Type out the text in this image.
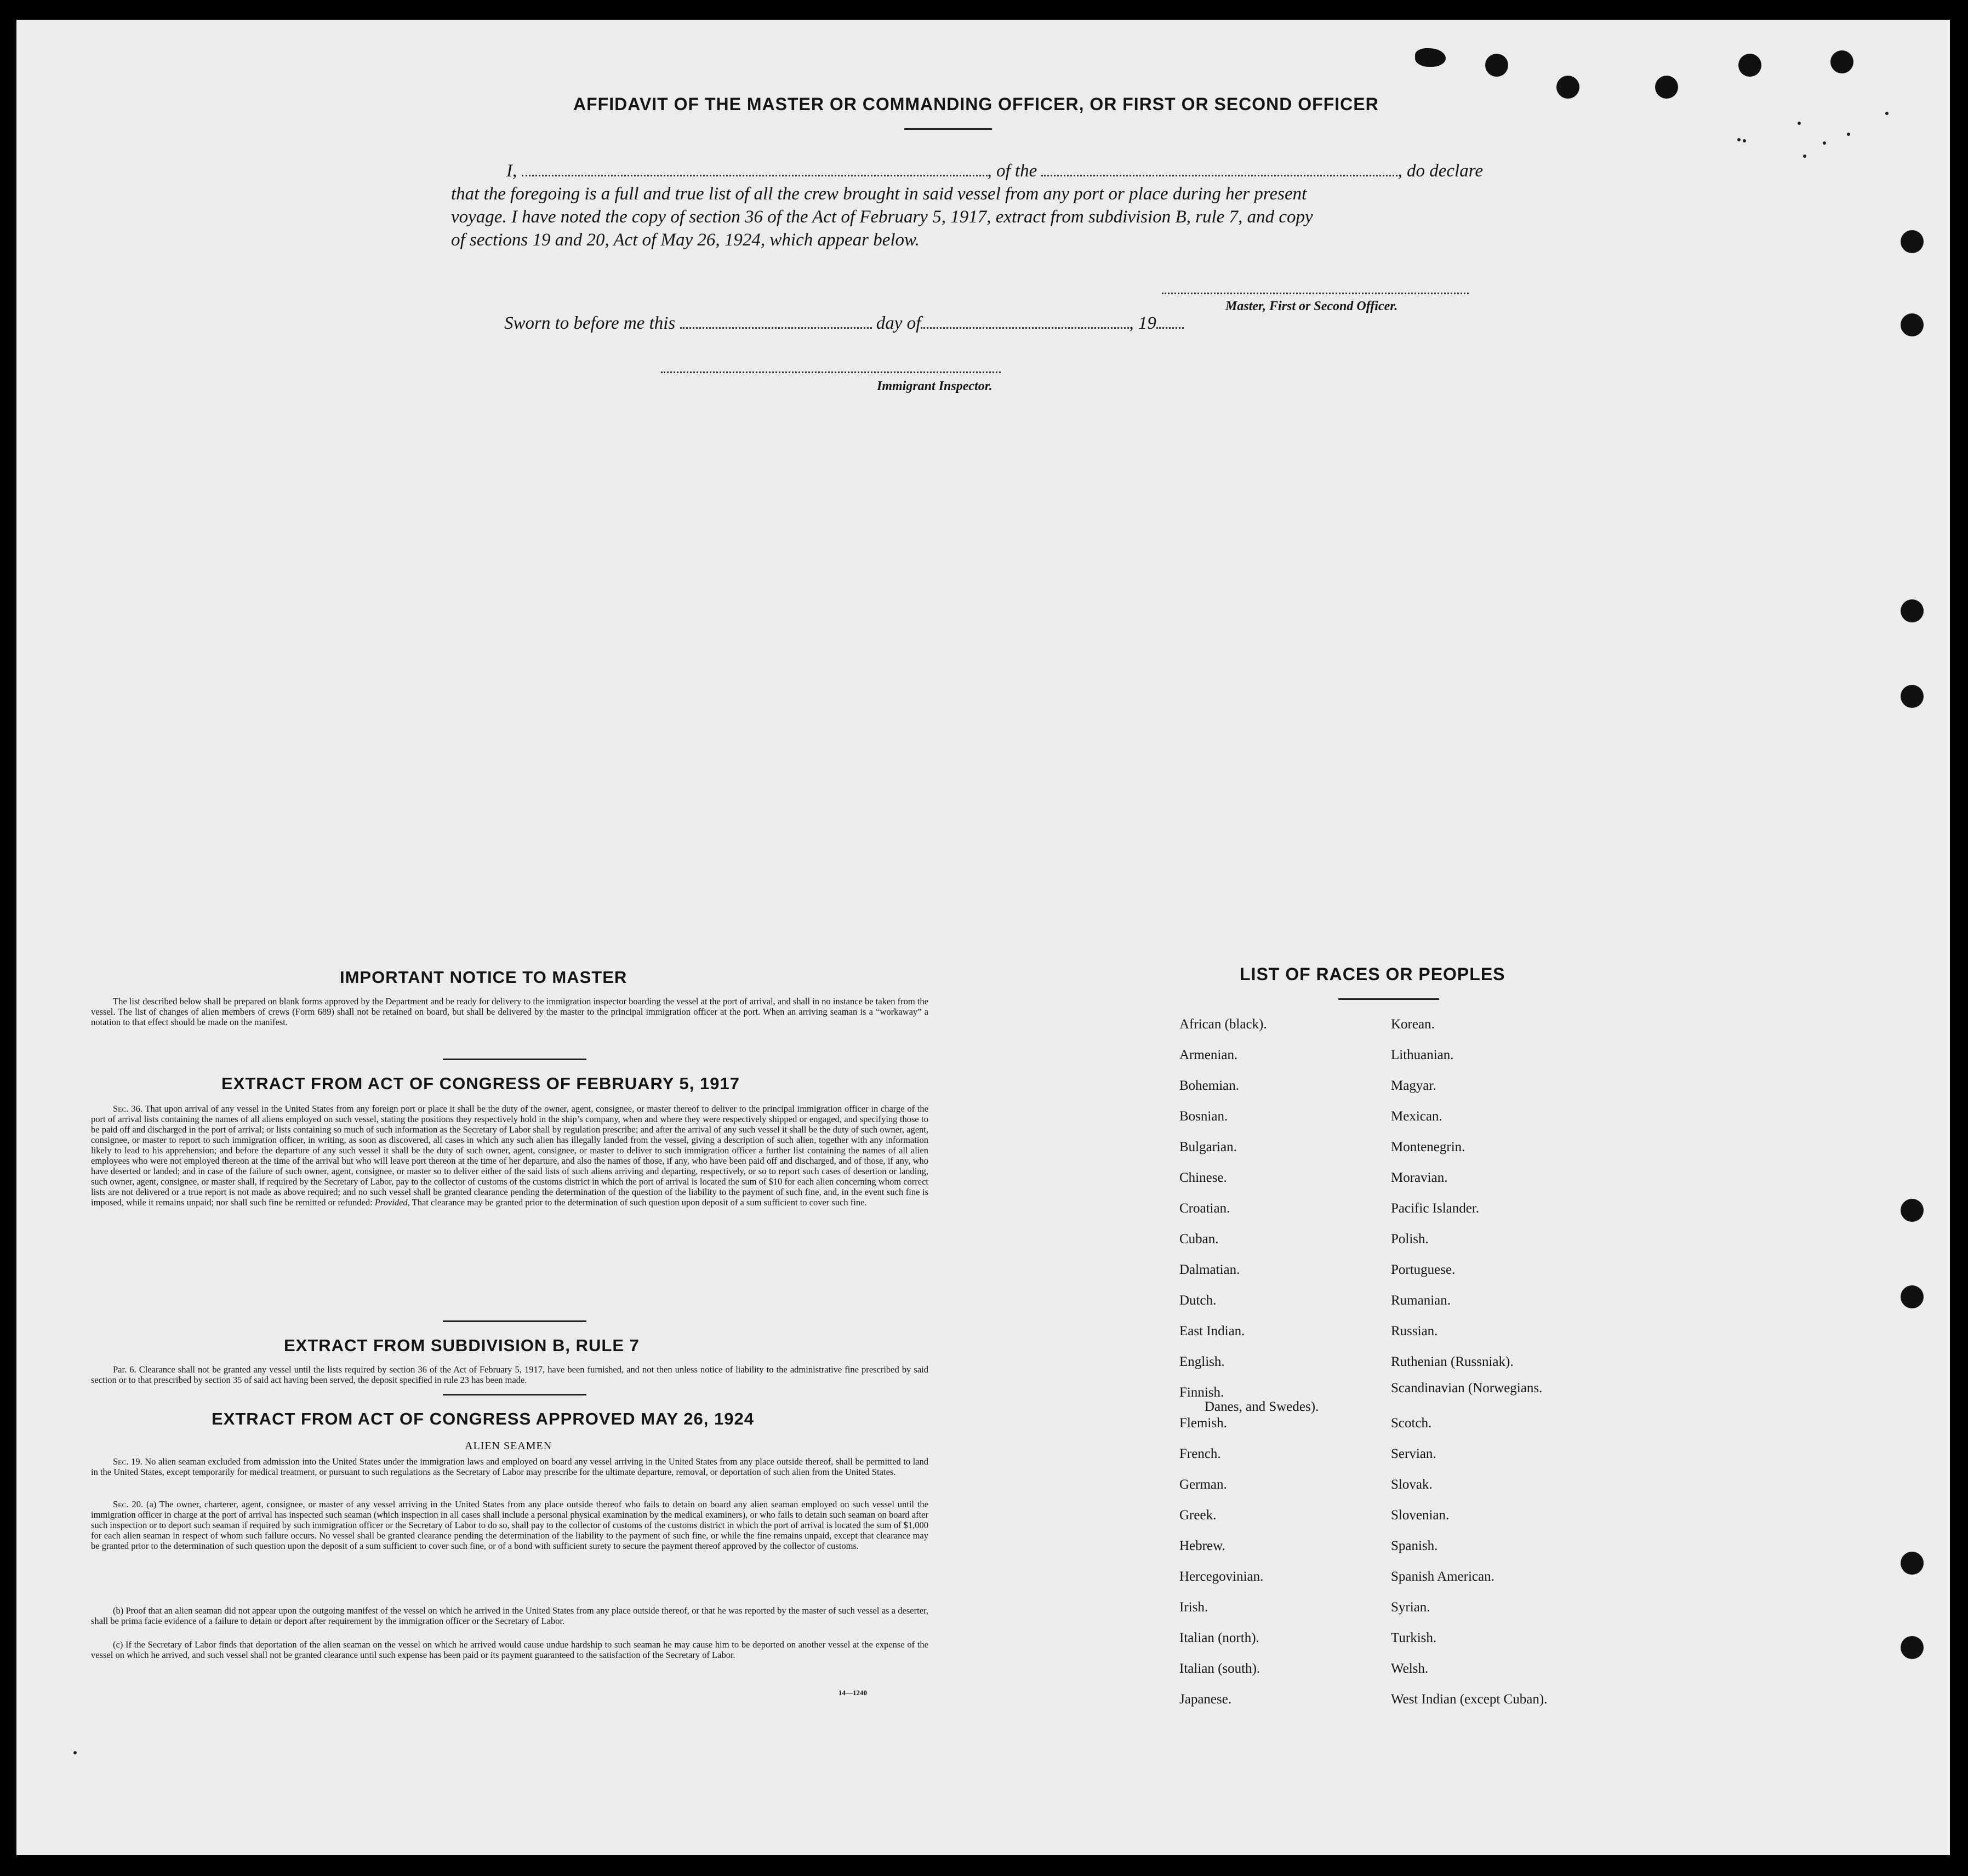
AFFIDAVIT OF THE MASTER OR COMMANDING OFFICER, OR FIRST OR SECOND OFFICER
I,	, of the	, do declare
that the foregoing is a full and true list of all the crew brought in said vessel from any port or place during her present
voyage. I have noted the copy of section 36 of the Act of February 5, 1917, extract from subdivision B, rule 7, and copy
of sections 19 and 20, Act of May 26, 1924, which appear below.
Master, First or Second Officer.
Sworn to before me this	day of	, 19
Immigrant Inspector.
IMPORTANT NOTICE TO MASTER

The list described below shall be prepared on blank forms approved by the Department and be ready for delivery to the immigration inspector boarding the vessel at the port of arrival, and shall in no instance be taken from the vessel. The list of changes of alien members of crews (Form 689) shall not be retained on board, but shall be delivered by the master to the principal immigration officer at the port. When an arriving seaman is a “workaway” a notation to that effect should be made on the manifest.

EXTRACT FROM ACT OF CONGRESS OF FEBRUARY 5, 1917

Sec. 36. That upon arrival of any vessel in the United States from any foreign port or place it shall be the duty of the owner, agent, consignee, or master thereof to deliver to the principal immigration officer in charge of the port of arrival lists containing the names of all aliens employed on such vessel, stating the positions they respectively hold in the ship’s company, when and where they were respectively shipped or engaged, and specifying those to be paid off and discharged in the port of arrival; or lists containing so much of such information as the Secretary of Labor shall by regulation prescribe; and after the arrival of any such vessel it shall be the duty of such owner, agent, consignee, or master to report to such immigration officer, in writing, as soon as discovered, all cases in which any such alien has illegally landed from the vessel, giving a description of such alien, together with any information likely to lead to his apprehension; and before the departure of any such vessel it shall be the duty of such owner, agent, consignee, or master to deliver to such immigration officer a further list containing the names of all alien employees who were not employed thereon at the time of the arrival but who will leave port thereon at the time of her departure, and also the names of those, if any, who have been paid off and discharged, and of those, if any, who have deserted or landed; and in case of the failure of such owner, agent, consignee, or master so to deliver either of the said lists of such aliens arriving and departing, respectively, or so to report such cases of desertion or landing, such owner, agent, consignee, or master shall, if required by the Secretary of Labor, pay to the collector of customs of the customs district in which the port of arrival is located the sum of $10 for each alien concerning whom correct lists are not delivered or a true report is not made as above required; and no such vessel shall be granted clearance pending the determination of the question of the liability to the payment of such fine, and, in the event such fine is imposed, while it remains unpaid; nor shall such fine be remitted or refunded: Provided, That clearance may be granted prior to the determination of such question upon deposit of a sum sufficient to cover such fine.

EXTRACT FROM SUBDIVISION B, RULE 7

Par. 6. Clearance shall not be granted any vessel until the lists required by section 36 of the Act of February 5, 1917, have been furnished, and not then unless notice of liability to the administrative fine prescribed by said section or to that prescribed by section 35 of said act having been served, the deposit specified in rule 23 has been made.

EXTRACT FROM ACT OF CONGRESS APPROVED MAY 26, 1924
ALIEN SEAMEN

Sec. 19. No alien seaman excluded from admission into the United States under the immigration laws and employed on board any vessel arriving in the United States from any place outside thereof, shall be permitted to land in the United States, except temporarily for medical treatment, or pursuant to such regulations as the Secretary of Labor may prescribe for the ultimate departure, removal, or deportation of such alien from the United States.

Sec. 20. (a) The owner, charterer, agent, consignee, or master of any vessel arriving in the United States from any place outside thereof who fails to detain on board any alien seaman employed on such vessel until the immigration officer in charge at the port of arrival has inspected such seaman (which inspection in all cases shall include a personal physical examination by the medical examiners), or who fails to detain such seaman on board after such inspection or to deport such seaman if required by such immigration officer or the Secretary of Labor to do so, shall pay to the collector of customs of the customs district in which the port of arrival is located the sum of $1,000 for each alien seaman in respect of whom such failure occurs. No vessel shall be granted clearance pending the determination of the liability to the payment of such fine, or while the fine remains unpaid, except that clearance may be granted prior to the determination of such question upon the deposit of a sum sufficient to cover such fine, or of a bond with sufficient surety to secure the payment thereof approved by the collector of customs.

(b) Proof that an alien seaman did not appear upon the outgoing manifest of the vessel on which he arrived in the United States from any place outside thereof, or that he was reported by the master of such vessel as a deserter, shall be prima facie evidence of a failure to detain or deport after requirement by the immigration officer or the Secretary of Labor.

(c) If the Secretary of Labor finds that deportation of the alien seaman on the vessel on which he arrived would cause undue hardship to such seaman he may cause him to be deported on another vessel at the expense of the vessel on which he arrived, and such vessel shall not be granted clearance until such expense has been paid or its payment guaranteed to the satisfaction of the Secretary of Labor.

14—1240
LIST OF RACES OR PEOPLES
African (black).
Armenian.
Bohemian.
Bosnian.
Bulgarian.
Chinese.
Croatian.
Cuban.
Dalmatian.
Dutch.
East Indian.
English.
Finnish.
Flemish.
French.
German.
Greek.
Hebrew.
Hercegovinian.
Irish.
Italian (north).
Italian (south).
Japanese.
Korean.
Lithuanian.
Magyar.
Mexican.
Montenegrin.
Moravian.
Pacific Islander.
Polish.
Portuguese.
Rumanian.
Russian.
Ruthenian (Russniak).
Scandinavian (Norwegians.
Danes, and Swedes).
Scotch.
Servian.
Slovak.
Slovenian.
Spanish.
Spanish American.
Syrian.
Turkish.
Welsh.
West Indian (except Cuban).
